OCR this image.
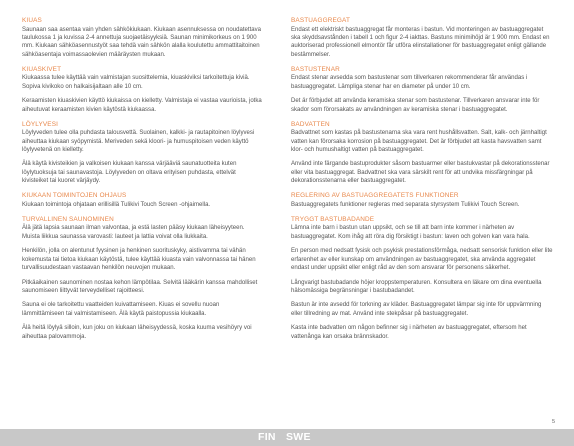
KIUAS

Saunaan saa asentaa vain yhden sähkökiukaan. Kiukaan asennuksessa on noudatettava taulukossa 1 ja kuvissa 2-4 annettuja suojaetäisyyksiä. Saunan minimikorkeus on 1 900 mm. Kiukaan sähköasennustyöt saa tehdä vain sähkön alalla koulutettu ammattitaitoinen sähköasentaja voimassaolevien määräysten mukaan.

KIUASKIVET

Kiukaassa tulee käyttää vain valmistajan suosittelemia, kiuaskiviksi tarkoitettuja kiviä. Sopiva kivikoko on halkaisijaltaan alle 10 cm.

Keraamisten kiuaskivien käyttö kiukaissa on kielletty. Valmistaja ei vastaa vaurioista, jotka aiheutuvat keraamisten kivien käytöstä kiukaassa.

LÖYLYVESI

Löylyveden tulee olla puhdasta talousvettä. Suolainen, kalkki- ja rautapitoinen löylyvesi aiheuttaa kiukaan syöpymistä. Meriveden sekä kloori- ja humuspitoisen veden käyttö löylyvetenä on kielletty.

Älä käytä kivisteikien ja valkoisen kiukaan kanssa värjääviä saunatuotteita kuten löylytuoksuja tai saunavastoja. Löylyveden on oltava erityisen puhdasta, ettelvät kivisteiket tai kuoret värjäydy.

KIUKAAN TOIMINTOJEN OHJAUS

Kiukaan toimintoja ohjataan erillisillä Tulikivi Touch Screen -ohjaimella.

TURVALLINEN SAUNOMINEN

Älä jätä lapsia saunaan ilman valvontaa, ja estä lasten pääsy kiukaan läheisyyteen. Muista liikkua saunassa varovasti: lauteet ja lattia voivat olla liukkaita.

Henkilön, jolla on alentunut fyysinen ja henkinen suorituskyky, aistivamma tai vähän kokemusta tai tietoa kiukaan käytöstä, tulee käyttää kiuasta vain valvonnassa tai hänen turvallisuudestaan vastaavan henkilön neuvojen mukaan.

Pitkäaikainen saunominen nostaa kehon lämpötilaa. Selvitä lääkärin kanssa mahdolliset saunomiseen liittyvät terveydelliset rajoitteesi.

Sauna ei ole tarkoitettu vaatteiden kuivattamiseen. Kiuas ei sovellu nuoan lämmittämiseen tai valmistamiseen. Älä käytä paistopussia kiukaalla.

Älä heitä löylyä silloin, kun joku on kiukaan läheisyydessä, koska kuuma vesihöyry voi aiheuttaa palovammoja.

BASTUAGGREGAT

Endast ett elektriskt bastuaggregat får monteras i bastun. Vid monteringen av bastuaggregatet ska skyddsavstånden i tabell 1 och figur 2-4 iakttas. Bastuns minimihöjd är 1 900 mm. Endast en auktoriserad professionell elmontör får utföra elinstallationer för bastuaggregatet enligt gällande bestämmelser.

BASTUSTENAR

Endast stenar avsedda som bastustenar som tillverkaren rekommenderar får användas i bastuaggregatet. Lämpliga stenar har en diameter på under 10 cm.

Det är förbjudet att använda keramiska stenar som bastustenar. Tillverkaren ansvarar inte för skador som förorsakats av användningen av keramiska stenar i bastuaggregatet.

BADVATTEN

Badvattnet som kastas på bastustenarna ska vara rent hushållsvatten. Salt, kalk- och järnhaltigt vatten kan förorsaka korrosion på bastuaggregatet. Det är förbjudet att kasta havsvatten samt klor- och humushaltigt vatten på bastuaggregatet.

Använd inte färgande bastuprodukter såsom bastuarmer eller bastukvastar på dekorationsstenar eller vita bastuaggregat. Badvattnet ska vara särskilt rent för att undvika missfärgningar på dekorationsstenarna eller bastuaggregatet.

REGLERING AV BASTUAGGREGATETS FUNKTIONER

Bastuaggregatets funktioner regleras med separata styrsystem Tulikivi Touch Screen.

TRYGGT BASTUBADANDE

Lämna inte barn i bastun utan uppsikt, och se till att barn inte kommer i närheten av bastuaggregatet. Kom ihåg att röra dig försiktigt i bastun: laven och golven kan vara hala.

En person med nedsatt fysisk och psykisk prestationsförmåga, nedsatt sensorisk funktion eller lite erfarenhet av eller kunskap om användningen av bastuaggregatet, ska använda aggregatet endast under uppsikt eller enligt råd av den som ansvarar för personens säkerhet.

Långvarigt bastubadande höjer kroppstemperaturen. Konsultera en läkare om dina eventuella hälsomässiga begränsningar i bastubadandet.

Bastun är inte avsedd för torkning av kläder. Bastuaggregatet lämpar sig inte för uppvärmning eller tillredning av mat. Använd inte stekpåsar på bastuaggregatet.

Kasta inte badvatten om någon befinner sig i närheten av bastuaggregatet, eftersom het vattenånga kan orsaka brännskador.

5
FIN SWE
